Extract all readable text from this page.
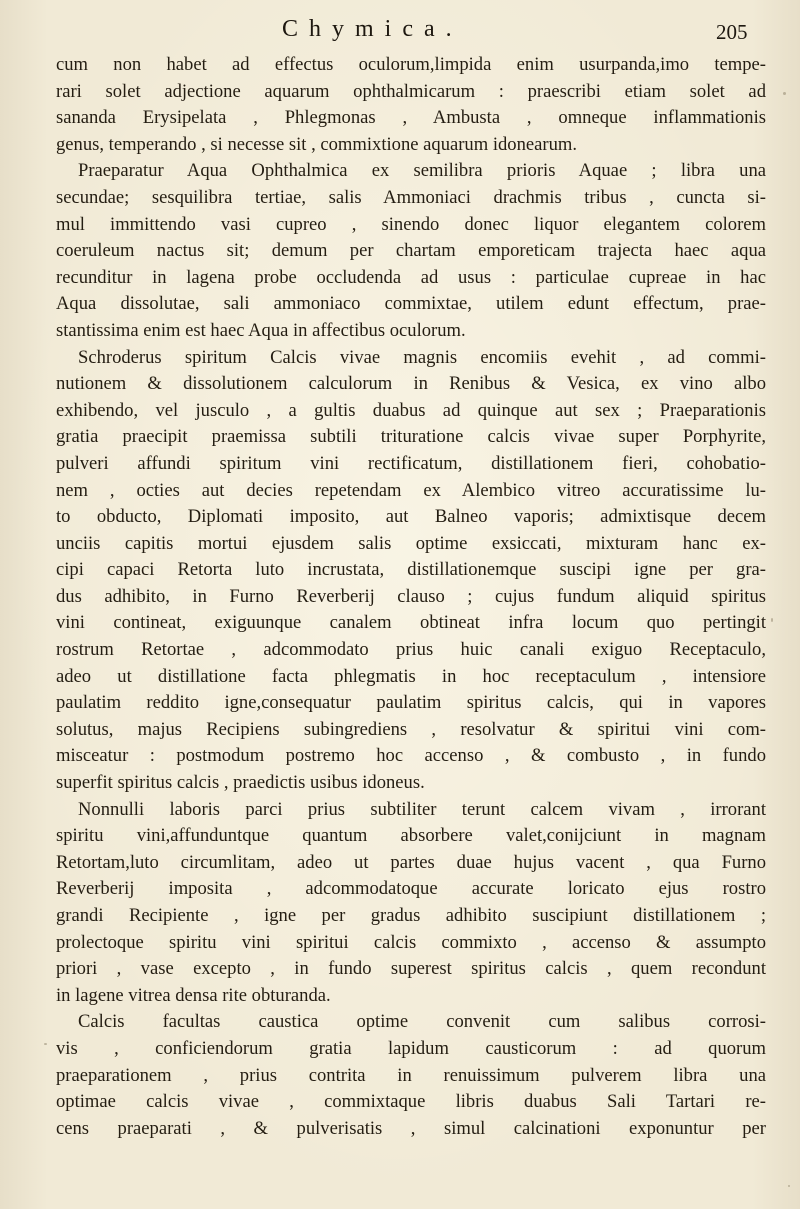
Chymica.	205
cum non habet ad effectus oculorum,limpida enim usurpanda,imo tempe-
rari solet adjectione aquarum ophthalmicarum : praescribi etiam solet ad
sananda Erysipelata , Phlegmonas , Ambusta , omneque inflammationis
genus, temperando , si necesse sit , commixtione aquarum idonearum.
Praeparatur Aqua Ophthalmica ex semilibra prioris Aquae ; libra una
secundae; sesquilibra tertiae, salis Ammoniaci drachmis tribus , cuncta si-
mul immittendo vasi cupreo , sinendo donec liquor elegantem colorem
coeruleum nactus sit; demum per chartam emporeticam trajecta haec aqua
recunditur in lagena probe occludenda ad usus : particulae cupreae in hac
Aqua dissolutae, sali ammoniaco commixtae, utilem edunt effectum, prae-
stantissima enim est haec Aqua in affectibus oculorum.
Schroderus spiritum Calcis vivae magnis encomiis evehit , ad commi-
nutionem & dissolutionem calculorum in Renibus & Vesica, ex vino albo
exhibendo, vel jusculo , a gultis duabus ad quinque aut sex ; Praeparationis
gratia praecipit praemissa subtili trituratione calcis vivae super Porphyrite,
pulveri affundi spiritum vini rectificatum, distillationem fieri, cohobatio-
nem , octies aut decies repetendam ex Alembico vitreo accuratissime lu-
to obducto, Diplomati imposito, aut Balneo vaporis; admixtisque decem
unciis capitis mortui ejusdem salis optime exsiccati, mixturam hanc ex-
cipi capaci Retorta luto incrustata, distillationemque suscipi igne per gra-
dus adhibito, in Furno Reverberij clauso ; cujus fundum aliquid spiritus
vini contineat, exiguunque canalem obtineat infra locum quo pertingit
rostrum Retortae , adcommodato prius huic canali exiguo Receptaculo,
adeo ut distillatione facta phlegmatis in hoc receptaculum , intensiore
paulatim reddito igne,consequatur paulatim spiritus calcis, qui in vapores
solutus, majus Recipiens subingrediens , resolvatur & spiritui vini com-
misceatur : postmodum postremo hoc accenso , & combusto , in fundo
superfit spiritus calcis , praedictis usibus idoneus.
Nonnulli laboris parci prius subtiliter terunt calcem vivam , irrorant
spiritu vini,affunduntque quantum absorbere valet,conijciunt in magnam
Retortam,luto circumlitam, adeo ut partes duae hujus vacent , qua Furno
Reverberij imposita , adcommodatoque accurate loricato ejus rostro
grandi Recipiente , igne per gradus adhibito suscipiunt distillationem ;
prolectoque spiritu vini spiritui calcis commixto , accenso & assumpto
priori , vase excepto , in fundo superest spiritus calcis , quem recondunt
in lagene vitrea densa rite obturanda.
Calcis facultas caustica optime convenit cum salibus corrosi-
vis , conficiendorum gratia lapidum causticorum : ad quorum
praeparationem , prius contrita in renuissimum pulverem libra una
optimae calcis vivae , commixtaque libris duabus Sali Tartari re-
cens praeparati , & pulverisatis , simul calcinationi exponuntur per
